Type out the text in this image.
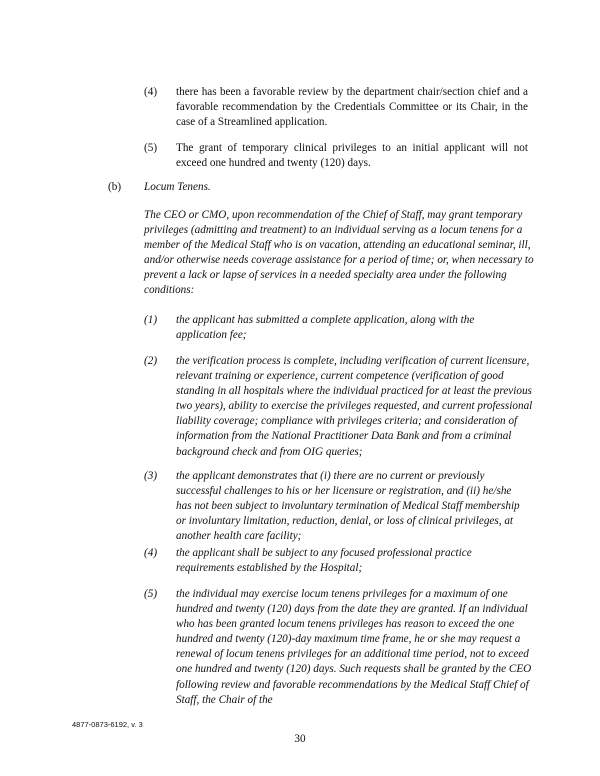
(4) there has been a favorable review by the department chair/section chief and a favorable recommendation by the Credentials Committee or its Chair, in the case of a Streamlined application.

(5) The grant of temporary clinical privileges to an initial applicant will not exceed one hundred and twenty (120) days.

(b) Locum Tenens.

The CEO or CMO, upon recommendation of the Chief of Staff, may grant temporary privileges (admitting and treatment) to an individual serving as a locum tenens for a member of the Medical Staff who is on vacation, attending an educational seminar, ill, and/or otherwise needs coverage assistance for a period of time; or, when necessary to prevent a lack or lapse of services in a needed specialty area under the following conditions:

(1) the applicant has submitted a complete application, along with the application fee;

(2) the verification process is complete, including verification of current licensure, relevant training or experience, current competence (verification of good standing in all hospitals where the individual practiced for at least the previous two years), ability to exercise the privileges requested, and current professional liability coverage; compliance with privileges criteria; and consideration of information from the National Practitioner Data Bank and from a criminal background check and from OIG queries;

(3) the applicant demonstrates that (i) there are no current or previously successful challenges to his or her licensure or registration, and (ii) he/she has not been subject to involuntary termination of Medical Staff membership or involuntary limitation, reduction, denial, or loss of clinical privileges, at another health care facility;

(4) the applicant shall be subject to any focused professional practice requirements established by the Hospital;

(5) the individual may exercise locum tenens privileges for a maximum of one hundred and twenty (120) days from the date they are granted. If an individual who has been granted locum tenens privileges has reason to exceed the one hundred and twenty (120)-day maximum time frame, he or she may request a renewal of locum tenens privileges for an additional time period, not to exceed one hundred and twenty (120) days. Such requests shall be granted by the CEO following review and favorable recommendations by the Medical Staff Chief of Staff, the Chair of the

4877-0873-6192, v. 3
30
